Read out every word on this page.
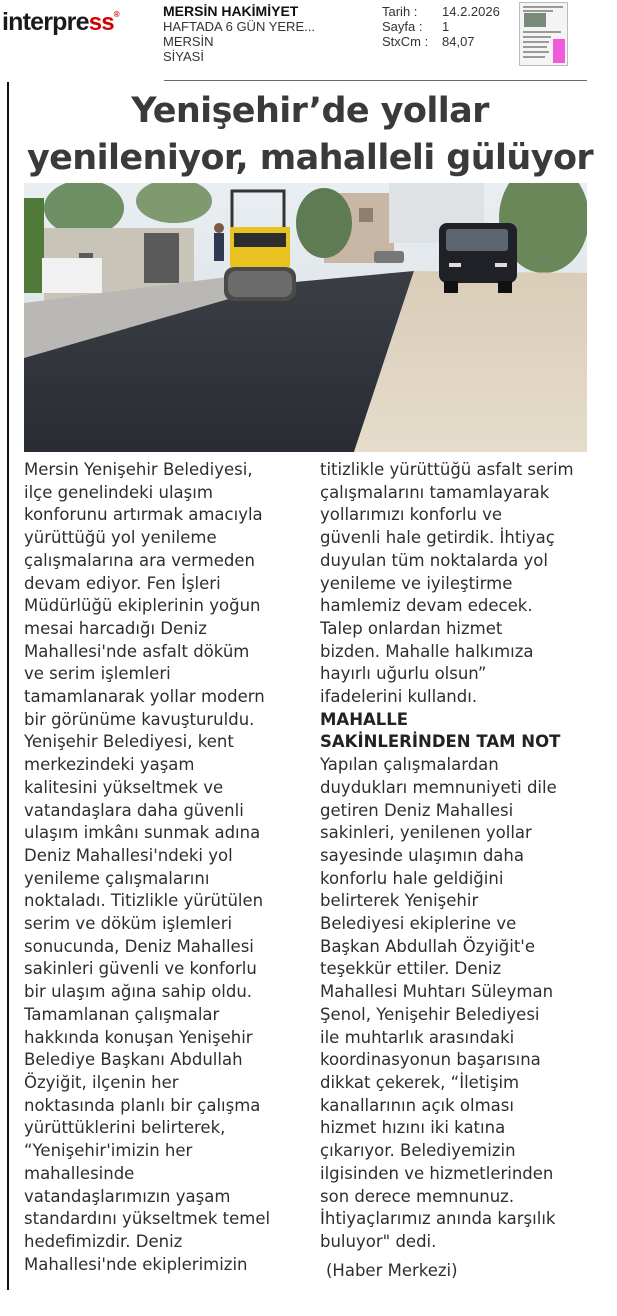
interpress®	MERSİN HAKİMİYET
HAFTADA 6 GÜN YERE...
MERSİN
SİYASİ
Tarih : 14.2.2026
Sayfa : 1
StxCm : 84,07
Yenişehir’de yollar
yenileniyor, mahalleli gülüyor

Mersin Yenişehir Belediyesi,
ilçe genelindeki ulaşım
konforunu artırmak amacıyla
yürüttüğü yol yenileme
çalışmalarına ara vermeden
devam ediyor. Fen İşleri
Müdürlüğü ekiplerinin yoğun
mesai harcadığı Deniz
Mahallesi'nde asfalt döküm
ve serim işlemleri
tamamlanarak yollar modern
bir görünüme kavuşturuldu.
Yenişehir Belediyesi, kent
merkezindeki yaşam
kalitesini yükseltmek ve
vatandaşlara daha güvenli
ulaşım imkânı sunmak adına
Deniz Mahallesi'ndeki yol
yenileme çalışmalarını
noktaladı. Titizlikle yürütülen
serim ve döküm işlemleri
sonucunda, Deniz Mahallesi
sakinleri güvenli ve konforlu
bir ulaşım ağına sahip oldu.
Tamamlanan çalışmalar
hakkında konuşan Yenişehir
Belediye Başkanı Abdullah
Özyiğit, ilçenin her
noktasında planlı bir çalışma
yürüttüklerini belirterek,
“Yenişehir'imizin her
mahallesinde
vatandaşlarımızın yaşam
standardını yükseltmek temel
hedefimizdir. Deniz
Mahallesi'nde ekiplerimizin

titizlikle yürüttüğü asfalt serim
çalışmalarını tamamlayarak
yollarımızı konforlu ve
güvenli hale getirdik. İhtiyaç
duyulan tüm noktalarda yol
yenileme ve iyileştirme
hamlemiz devam edecek.
Talep onlardan hizmet
bizden. Mahalle halkımıza
hayırlı uğurlu olsun”
ifadelerini kullandı.
MAHALLE
SAKİNLERİNDEN TAM NOT
Yapılan çalışmalardan
duydukları memnuniyeti dile
getiren Deniz Mahallesi
sakinleri, yenilenen yollar
sayesinde ulaşımın daha
konforlu hale geldiğini
belirterek Yenişehir
Belediyesi ekiplerine ve
Başkan Abdullah Özyiğit'e
teşekkür ettiler. Deniz
Mahallesi Muhtarı Süleyman
Şenol, Yenişehir Belediyesi
ile muhtarlık arasındaki
koordinasyonun başarısına
dikkat çekerek, “İletişim
kanallarının açık olması
hizmet hızını iki katına
çıkarıyor. Belediyemizin
ilgisinden ve hizmetlerinden
son derece memnunuz.
İhtiyaçlarımız anında karşılık
buluyor" dedi.

(Haber Merkezi)
